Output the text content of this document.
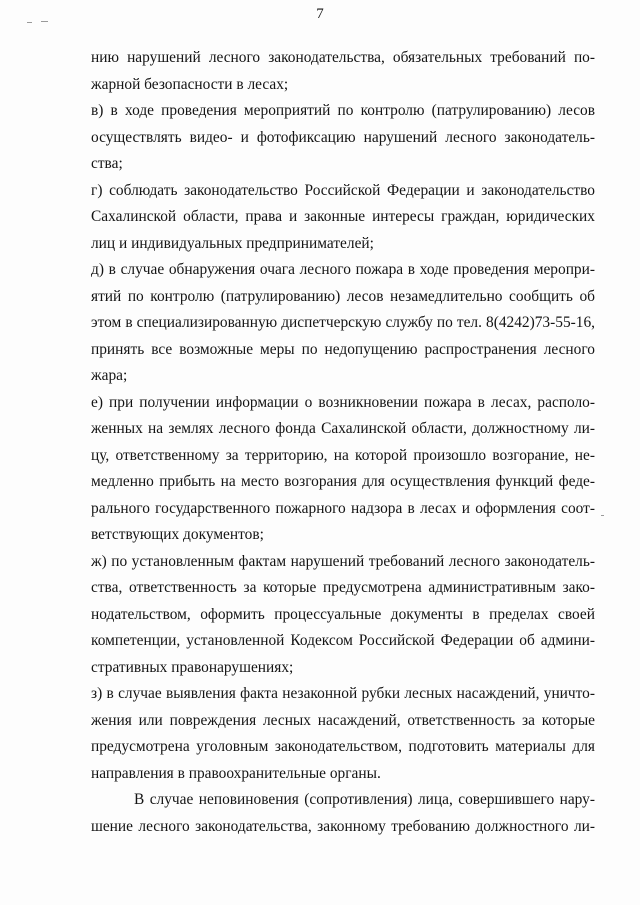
7
нию нарушений лесного законодательства, обязательных требований по-
жарной безопасности в лесах;
в) в ходе проведения мероприятий по контролю (патрулированию) лесов
осуществлять видео- и фотофиксацию нарушений лесного законодатель-
ства;
г) соблюдать законодательство Российской Федерации и законодательство
Сахалинской области, права и законные интересы граждан, юридических
лиц и индивидуальных предпринимателей;
д) в случае обнаружения очага лесного пожара в ходе проведения меропри-
ятий по контролю (патрулированию) лесов незамедлительно сообщить об
этом в специализированную диспетчерскую службу по тел. 8(4242)73-55-16,
принять все возможные меры по недопущению распространения лесного
жара;
е) при получении информации о возникновении пожара в лесах, располо-
женных на землях лесного фонда Сахалинской области, должностному ли-
цу, ответственному за территорию, на которой произошло возгорание, не-
медленно прибыть на место возгорания для осуществления функций феде-
рального государственного пожарного надзора в лесах и оформления соот-
ветствующих документов;
ж) по установленным фактам нарушений требований лесного законодатель-
ства, ответственность за которые предусмотрена административным зако-
нодательством, оформить процессуальные документы в пределах своей
компетенции, установленной Кодексом Российской Федерации об админи-
стративных правонарушениях;
з) в случае выявления факта незаконной рубки лесных насаждений, уничто-
жения или повреждения лесных насаждений, ответственность за которые
предусмотрена уголовным законодательством, подготовить материалы для
направления в правоохранительные органы.
В случае неповиновения (сопротивления) лица, совершившего нару-
шение лесного законодательства, законному требованию должностного ли-
